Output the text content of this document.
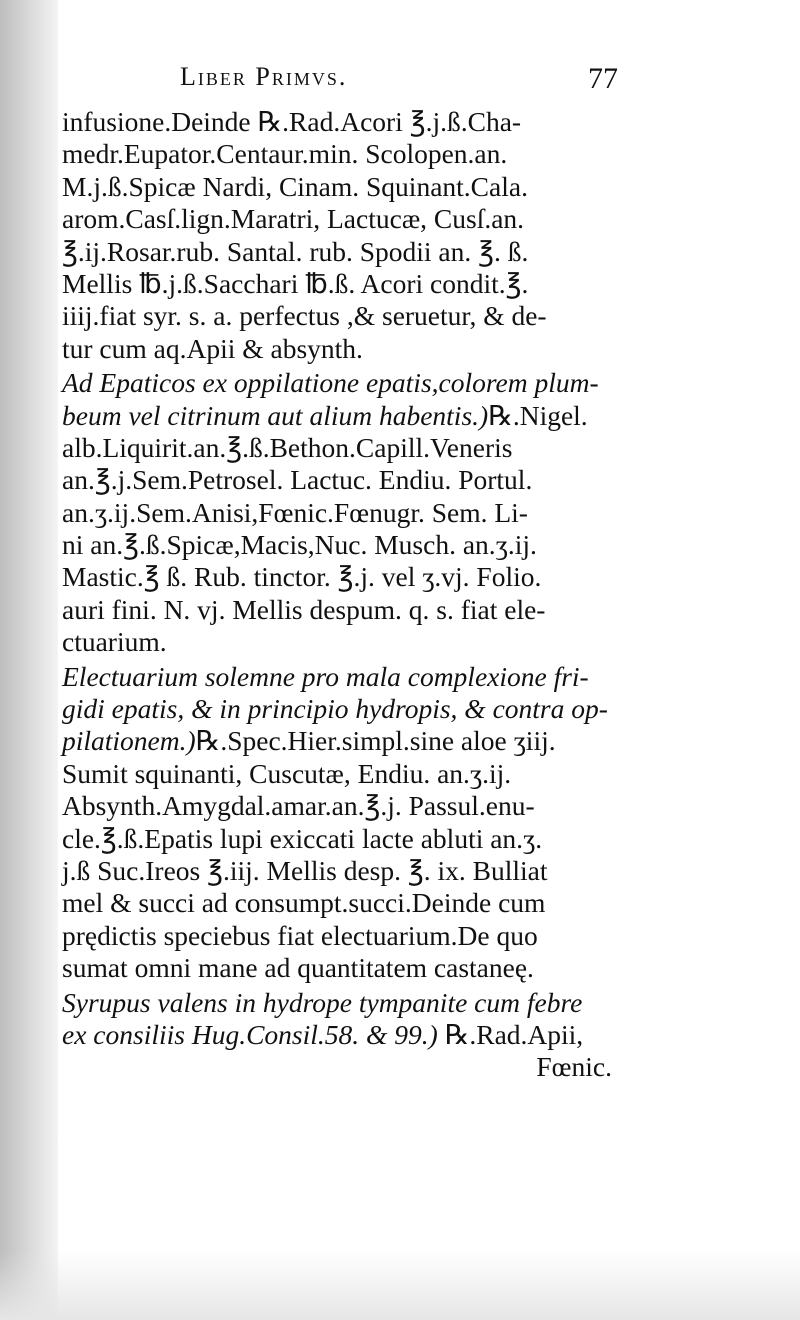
Liber Primvs.	77
infusione.Deinde ℞.Rad.Acori ℥.j.ß.Cha-
medr.Eupator.Centaur.min. Scolopen.an.
M.j.ß.Spicæ Nardi, Cinam. Squinant.Cala.
arom.Casſ.lign.Maratri, Lactucæ, Cusſ.an.
℥.ij.Rosar.rub. Santal. rub. Spodii an. ℥. ß.
Mellis ℔.j.ß.Sacchari ℔.ß. Acori condit.℥.
iiij.fiat syr. s. a. perfectus ,& seruetur, & de-
tur cum aq.Apii & absynth.
Ad Epaticos ex oppilatione epatis,colorem plum-
beum vel citrinum aut alium habentis.)℞.Nigel.
alb.Liquirit.an.℥.ß.Bethon.Capill.Veneris
an.℥.j.Sem.Petrosel. Lactuc. Endiu. Portul.
an.ʒ.ij.Sem.Anisi,Fœnic.Fœnugr. Sem. Li-
ni an.℥.ß.Spicæ,Macis,Nuc. Musch. an.ʒ.ij.
Mastic.℥ ß. Rub. tinctor. ℥.j. vel ʒ.vj. Folio.
auri fini. N. vj. Mellis despum. q. s. fiat ele-
ctuarium.
Electuarium solemne pro mala complexione fri-
gidi epatis, & in principio hydropis, & contra op-
pilationem.)℞.Spec.Hier.simpl.sine aloe ʒiij.
Sumit squinanti, Cuscutæ, Endiu. an.ʒ.ij.
Absynth.Amygdal.amar.an.℥.j. Passul.enu-
cle.℥.ß.Epatis lupi exiccati lacte abluti an.ʒ.
j.ß Suc.Ireos ℥.iij. Mellis desp. ℥. ix. Bulliat
mel & succi ad consumpt.succi.Deinde cum
prędictis speciebus fiat electuarium.De quo
sumat omni mane ad quantitatem castaneę.
Syrupus valens in hydrope tympanite cum febre
ex consiliis Hug.Consil.58. & 99.) ℞.Rad.Apii,
Fœnic.
